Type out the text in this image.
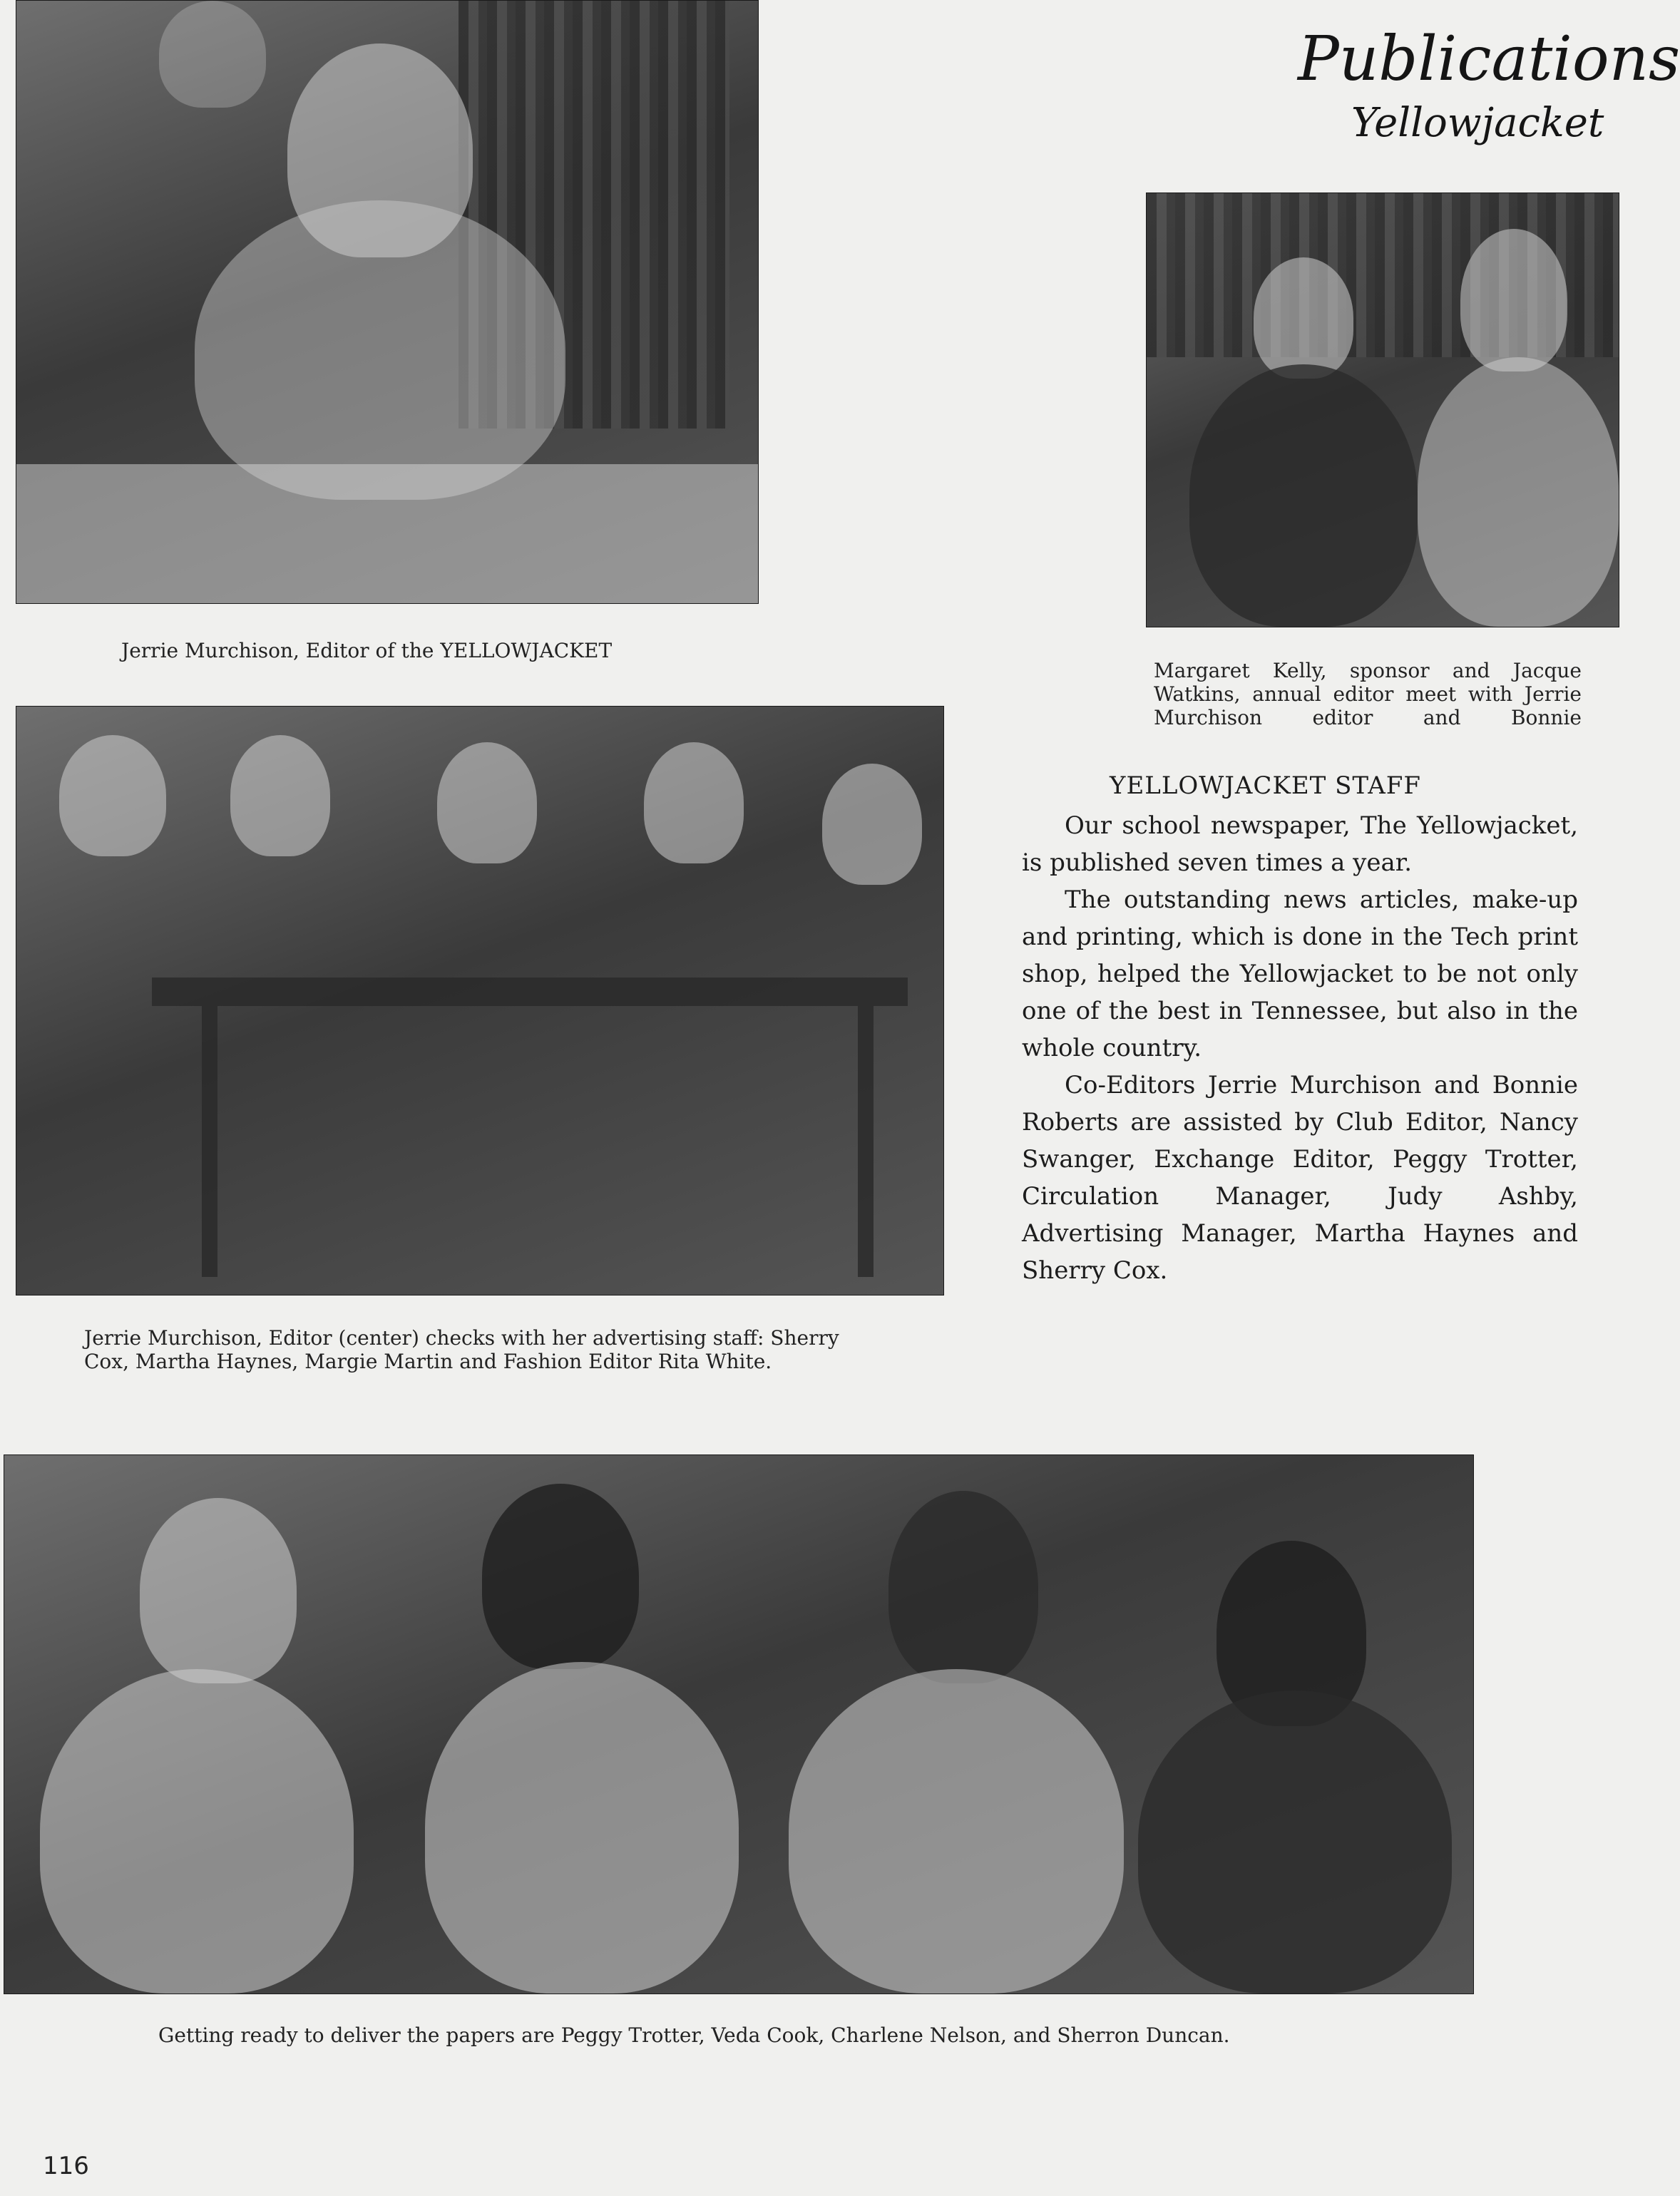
Publications
Yellowjacket
Jerrie Murchison, Editor of the YELLOWJACKET
Margaret Kelly, sponsor and Jacque Watkins, annual editor meet with Jerrie Murchison editor and Bonnie
Jerrie Murchison, Editor (center) checks with her advertising staff: Sherry
Cox, Martha Haynes, Margie Martin and Fashion Editor Rita White.
YELLOWJACKET STAFF
Our school newspaper, The Yellowjacket, is published seven times a year.
The outstanding news articles, make-up and printing, which is done in the Tech print shop, helped the Yellowjacket to be not only one of the best in Tennessee, but also in the whole country.
Co-Editors Jerrie Murchison and Bonnie Roberts are assisted by Club Editor, Nancy Swanger, Exchange Editor, Peggy Trotter, Circulation Manager, Judy Ashby, Advertising Manager, Martha Haynes and Sherry Cox.
Getting ready to deliver the papers are Peggy Trotter, Veda Cook, Charlene Nelson, and Sherron Duncan.
116
